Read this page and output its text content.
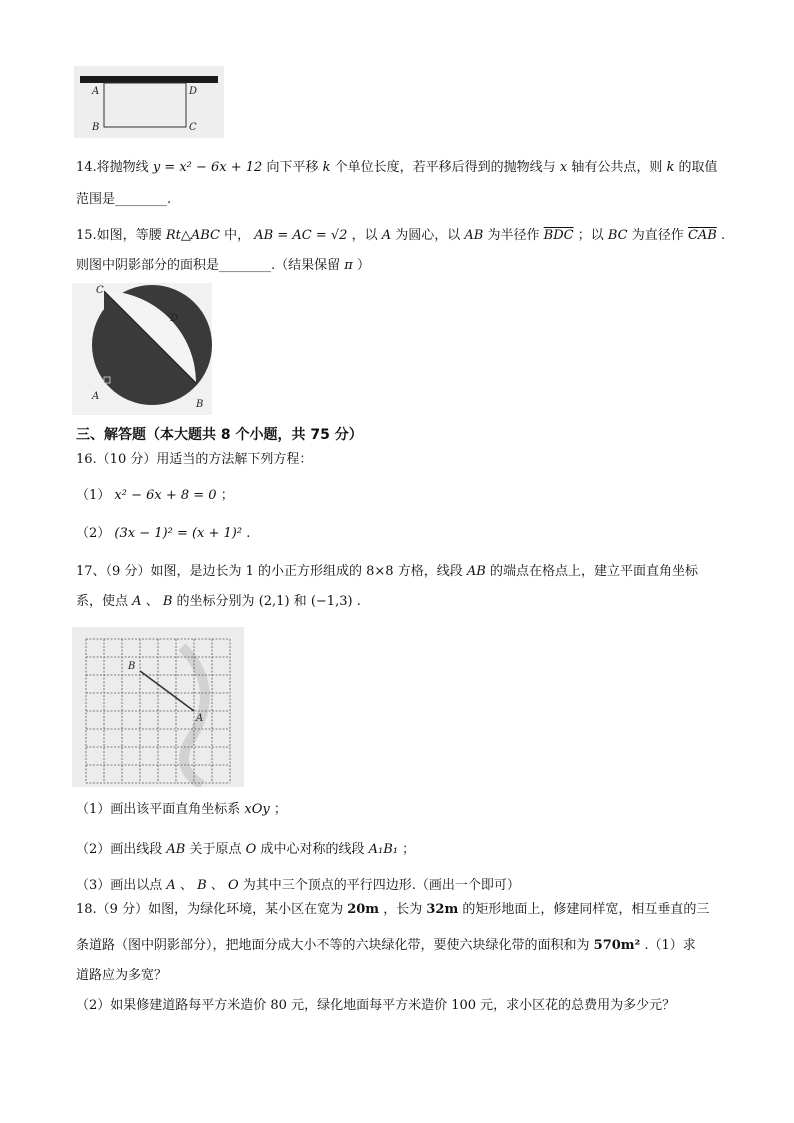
A	D
B	C
14.将抛物线 y = x² − 6x + 12 向下平移 k 个单位长度，若平移后得到的抛物线与 x 轴有公共点，则 k 的取值
范围是________.
15.如图，等腰 Rt△ABC 中， AB = AC = √2 ，以 A 为圆心，以 AB 为半径作 $\overline{BDC}$ ；以 BC 为直径作 $\overline{CAB}$ .
则图中阴影部分的面积是________.（结果保留 π ）
C
D
A
B
三、解答题（本大题共 8 个小题，共 75 分）
16.（10 分）用适当的方法解下列方程：
（1） x² − 6x + 8 = 0 ；
（2） (3x − 1)² = (x + 1)² .
17、（9 分）如图，是边长为 1 的小正方形组成的 8×8 方格，线段 AB 的端点在格点上，建立平面直角坐标
系，使点 A 、 B 的坐标分别为 (2,1) 和 (−1,3) .
B
A
（1）画出该平面直角坐标系 xOy ；
（2）画出线段 AB 关于原点 O 成中心对称的线段 A₁B₁ ；
（3）画出以点 A 、 B 、 O 为其中三个顶点的平行四边形.（画出一个即可）
18.（9 分）如图，为绿化环境，某小区在宽为 20m ，长为 32m 的矩形地面上，修建同样宽，相互垂直的三
条道路（图中阴影部分），把地面分成大小不等的六块绿化带，要使六块绿化带的面积和为 570m² .（1）求
道路应为多宽？
（2）如果修建道路每平方米造价 80 元，绿化地面每平方米造价 100 元，求小区花的总费用为多少元？
